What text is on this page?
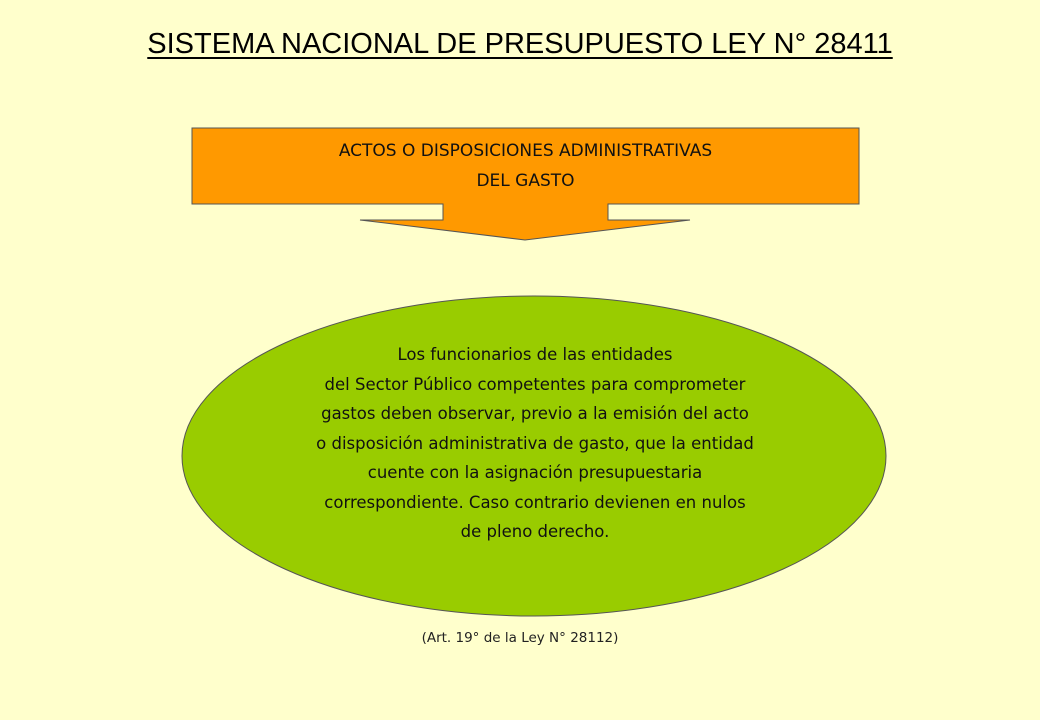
SISTEMA NACIONAL DE PRESUPUESTO LEY N° 28411
ACTOS O DISPOSICIONES ADMINISTRATIVAS
DEL GASTO
Los funcionarios de las entidades
del Sector Público competentes para comprometer
gastos deben observar, previo a la emisión del acto
o disposición administrativa de gasto, que la entidad
cuente con la asignación presupuestaria
correspondiente. Caso contrario devienen en nulos
de pleno derecho.
(Art. 19° de la Ley N° 28112)
